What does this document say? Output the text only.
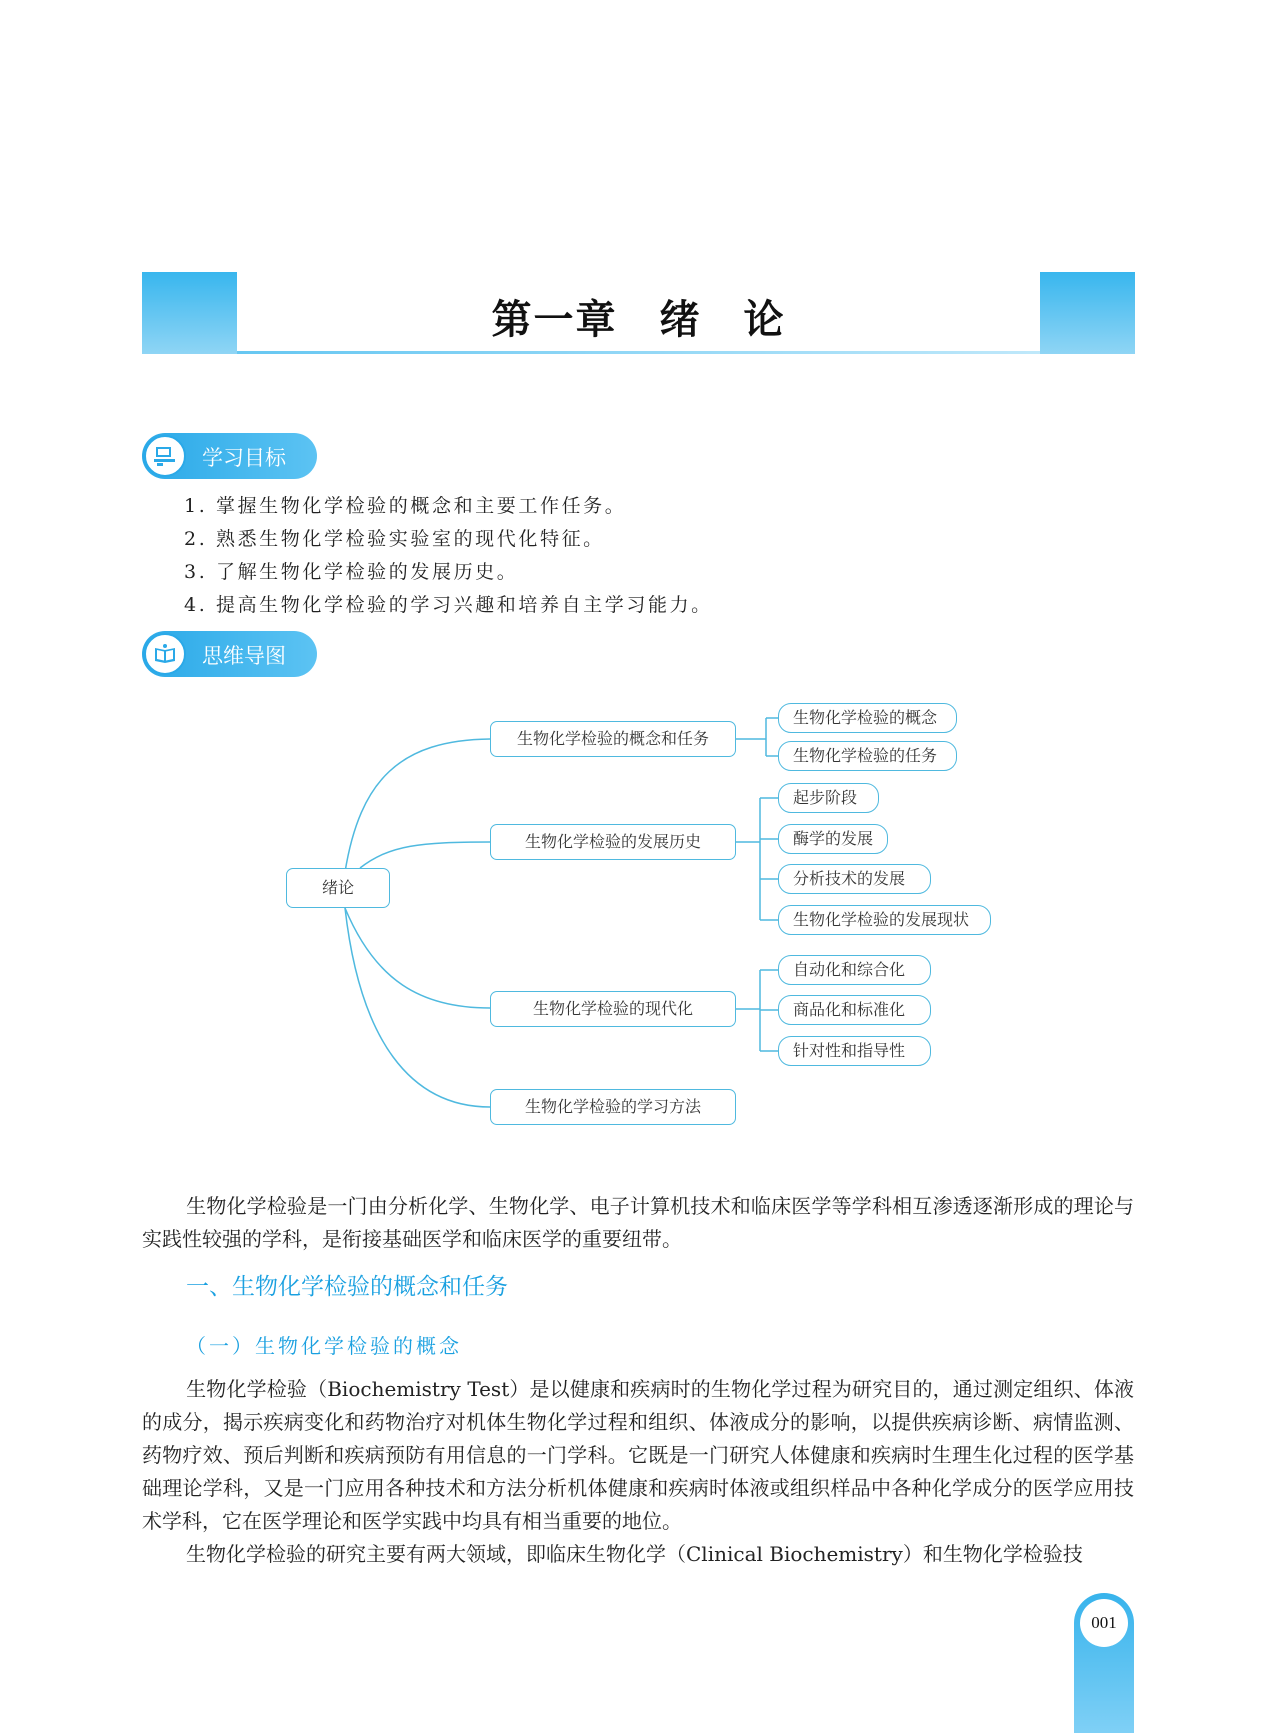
第一章　绪　论
学习目标
1. 掌握生物化学检验的概念和主要工作任务。
2. 熟悉生物化学检验实验室的现代化特征。
3. 了解生物化学检验的发展历史。
4. 提高生物化学检验的学习兴趣和培养自主学习能力。
思维导图
绪论
生物化学检验的概念和任务
生物化学检验的发展历史
生物化学检验的现代化
生物化学检验的学习方法
生物化学检验的概念
生物化学检验的任务
起步阶段
酶学的发展
分析技术的发展
生物化学检验的发展现状
自动化和综合化
商品化和标准化
针对性和指导性

生物化学检验是一门由分析化学、生物化学、电子计算机技术和临床医学等学科相互渗透逐渐形成的理论与实践性较强的学科，是衔接基础医学和临床医学的重要纽带。

一、生物化学检验的概念和任务
（一）生物化学检验的概念

生物化学检验（Biochemistry Test）是以健康和疾病时的生物化学过程为研究目的，通过测定组织、体液的成分，揭示疾病变化和药物治疗对机体生物化学过程和组织、体液成分的影响，以提供疾病诊断、病情监测、药物疗效、预后判断和疾病预防有用信息的一门学科。它既是一门研究人体健康和疾病时生理生化过程的医学基础理论学科，又是一门应用各种技术和方法分析机体健康和疾病时体液或组织样品中各种化学成分的医学应用技术学科，它在医学理论和医学实践中均具有相当重要的地位。

生物化学检验的研究主要有两大领域，即临床生物化学（Clinical Biochemistry）和生物化学检验技

001
